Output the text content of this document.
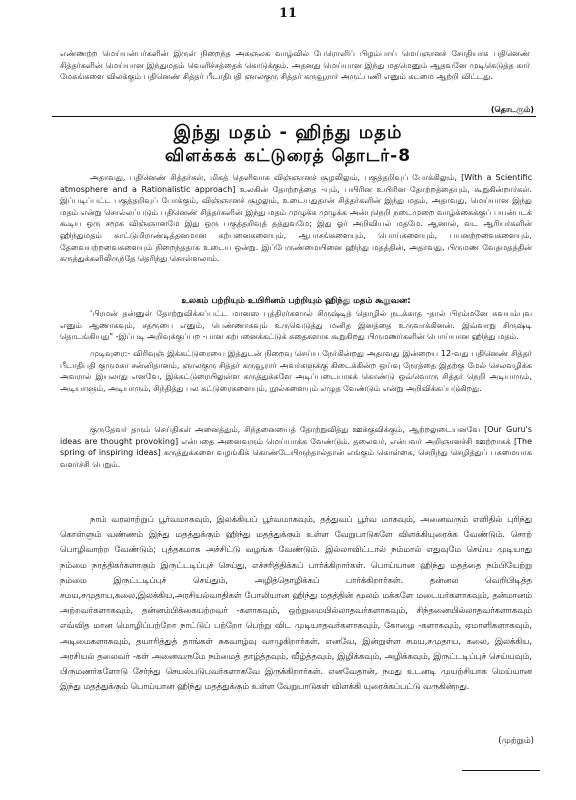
11

எண்ணற்ற மெய்யன்பர்களின் இருள் நிறைந்த அகஞலக வாழ்வில் பேரொளிப் பிழம்பாய் மெய்ஞானச் சோதியாக பதினெண் சித்தர்களின் மெய்யான இந்துமதம் வெளிச்சத்தைக் கொடுக்கும். அதனது மெய்யான இந்து மதமெனும் ஆதவனே முடிகெடுத்த கார் மேகங்களை விலக்கும் பதினெண் சித்தர் பீடாதிபதி ஞாலகுரு சித்தர் கருவூரார் அருட்பணி எனும் கடமை ஆற்றி விட்டது.

(தொடரும்)
இந்து மதம் - ஹிந்து மதம்
விளக்கக் கட்டுரைத் தொடர்-8

அதாவது, பதினெண் சித்தர்கள், மிகத் தெளிவாக விஞ்ஞானச் சூழலிலும், பகுத்தறிவுப் போக்கிலும், [With a Scientific atmosphere and a Rationalistic approach] உலகின் தோற்றத்தை -யும், பயிரின உயிரின தோற்றத்தையும், கூறுகின்றார்கள். இப்படிப்பட்ட பகுத்தறிவுப் போக்கும், விஞ்ஞானச் சூழலும், உடையதுதான் சித்தர்களின் இந்து மதம், அதாவது, மெய்யான இந்து மதம் என்று சொல்லப்படும் பதினெண் சித்தர்களின் இந்து மதம் முழுக்க முழுக்க அன்புநெறி நடைமுறை வாழ்க்கைக்குப் பயன்படக் கூடிய ஒரு சமூக விஞ்ஞானமே இது ஒரு பகுத்தறிவுத் தத்துவமே; இது ஓர் அறிவியல் மதமே. ஆனால், வட ஆரியர்களின் ஹிந்துமதம் காட்டுமிராண்டித்தனமான கற்பனைகளையும், ஆபாசங்களையும், பொய்களையும், பயனற்றவைகளையும், தேவையற்றவைகளையும் நிறைந்ததாக உடைய ஒன்று. இப்பேருண்மையினை ஹிந்து மதத்தின், அதாவது, பிருமண வேதமதத்தின் கருத்துக்களிலிருந்தே தெரிந்து கொள்ளலாம்.

உலகம் பற்றியும் உயிரினம் பற்றியும் ஹிந்து மதம் கூறுவன:

'பிரமன் தன்னுள் தோற்றுவிக்கப்பட்ட மானஸ புத்திரர்களால் சிருஷ்டித் தொழில் நடக்காத -தால் பிரம்மனே சுவயம்புவ எனும் ஆணாகவும், சதரூபை எனும், பெண்ணாகவும் உருவெடுத்து மனித இனத்தை உருவாக்கினன். இவ்வாறு சிருஷ்டி தொடங்கியது" -இப்படி அறிவுக்குப்பற -பான கற்பனைக்கட்டுக் கதைகளாக கூறுகிறது பிருமணர்களின் பொய்யான ஹிந்து மதம்.

முடிவுரை:- விரிவுஞ் இக்கட்டுரையை இத்துடன் நிறைவு செய்ய நேர்கின்றது அதாவது இன்றைய 12-வது பதினெண் சித்தர் பீடாதிபதி குருமகா சன்னிதானம், ஞாலகுரு சித்தர் கருவூரார் அவர்களுக்கு கிடைக்கின்ற ஒய்வு நேரத்தை இதற்கு மேல் செலவழிக்க அவரால் இயலாது எனவே, இக்கட்டுரையிலுள்ள கருத்துக்களே அடிப்படையாகக் கொண்டு ஒவ்வொரு சித்தர் நெறி அடியாரும், அடியாளும், அடியாரும், சிந்தித்து பல கட்டுரைகளையும், நூல்களையும் எழுத வேண்டும் என்று அறிவிக்கப்படுகிறது.

குருதேவர் தரும் செய்திகள் அனைத்தும், சிந்தனையைத் தோற்றுவித்து ஊக்குவிக்கும், ஆற்றலுடையனவே [Our Guru's ideas are thought provoking] என்பதை அனைவரும் மெய்யாக்க வேண்டும். தலைவர், என்பவர் அறிஞானச்சி ஊற்றாகக் [The spring of inspiring ideas] கருத்துக்களை வழங்கிக் கொண்டேயிருந்தால்தான் எங்கும் கொள்கை, செறிந்து செழித்துப் பசுமையாக வளர்ச்சி பெறும்.

நாம் வரலாற்றுப் பூர்வமாகவும், இலக்கியப் பூர்வமாகவும், தத்துவப் பூர்வ மாகவும், அனைவரும் எளிதில் புரிந்து கொள்ளும் வண்ணம் இந்து மதத்துக்கும் ஹிந்து மதத்துக்கும் உள்ள வேறுபாடுகளே விளக்கியுரைக்க வேண்டும். சொற் பொழிவாற்ற வேண்டும்; புத்தகமாக அச்சிட்டு வழங்க வேண்டும். இல்லாவிட்டால் நம்மால் எதுவுமே செய்ய முடியாது நம்மை நாத்திகர்களாகும் இருட்டடிப்புச் செய்து, எச்சரித்திக்கப் பார்க்கிறார்கள். பொய்யான ஹிந்து மதத்தை நம்பியேற்று நம்மை இருட்டடிப்புச் செய்தும், அழித்தொழிக்கப் பார்க்கிறார்கள். தன்னல வெறிபிடித்த சமய,சமுதாய,கலை,இலக்கிய,அரசியல்வாதிகள் போலியான ஹிந்து மதத்தின் மூலம் மக்களே மடையர்களாகவும், தன்மானம் அற்றவர்களாகவும், தன்னம்பிக்கையற்றவர் -களாகவும், ஒற்றுமையில்லாதவர்களாகவும், சிந்தனையில்லாதவர்களாகவும் எவ்வித மான மொழிப்பற்றோ நாட்டுப் பற்றோ பெற்று விட முடியாதவர்களாகவும், கோழை -களாகவும், ஏமாளிகளாகவும், அடிமைகளாகவும், தயாரித்துத் தாங்கள் சுகவாழ்வு வாழுகிறார்கள். எனவே, இன்றுள்ள சமய,சமுதாய, கலை, இலக்கிய, அரசியல் தலைவர் -கள் அனைவருமே நம்மைத் தாழ்த்தவும், வீழ்த்தவும், இழிக்கவும், அழிக்கவும், இருட்டடிப்புச் செய்யவும், பிருமணர்களோடு சேர்ந்து செயல்படுபவர்களாகவே இருக்கிறார்கள். எனவேதான், நமது உடனடி முயற்சியாக மெய்யான இந்து மதத்துக்கும் பொய்யான ஹிந்து மதத்துக்கும் உள்ள வேறுபாடுகள் விளக்கி யுரைக்கப்பட்டு வருகின்றது.

(முற்றும்)
